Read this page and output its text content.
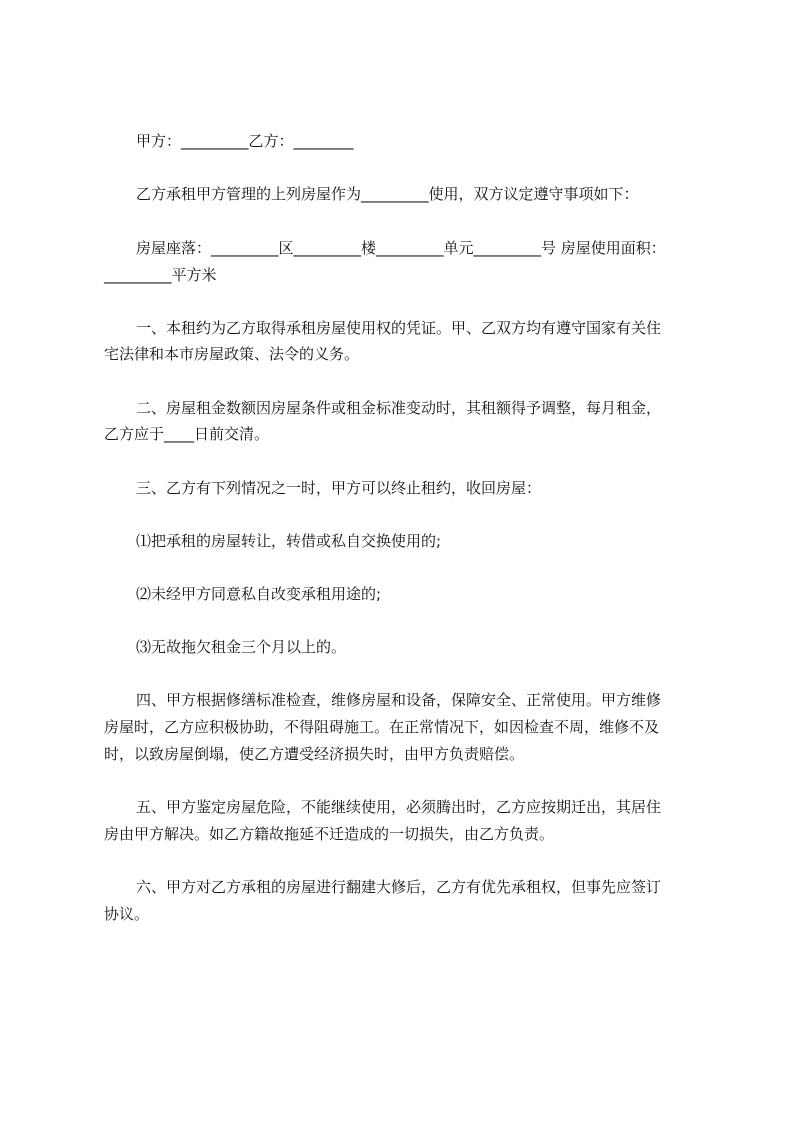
甲方：_________乙方：________
乙方承租甲方管理的上列房屋作为_________使用，双方议定遵守事项如下：
房屋座落：_________区_________楼_________单元_________号 房屋使用面积：
_________平方米
一、本租约为乙方取得承租房屋使用权的凭证。甲、乙双方均有遵守国家有关住
宅法律和本市房屋政策、法令的义务。
二、房屋租金数额因房屋条件或租金标准变动时，其租额得予调整，每月租金，
乙方应于____日前交清。
三、乙方有下列情况之一时，甲方可以终止租约，收回房屋：
⑴把承租的房屋转让，转借或私自交换使用的;
⑵未经甲方同意私自改变承租用途的;
⑶无故拖欠租金三个月以上的。
四、甲方根据修缮标准检查，维修房屋和设备，保障安全、正常使用。甲方维修
房屋时，乙方应积极协助，不得阻碍施工。在正常情况下，如因检查不周，维修不及
时，以致房屋倒塌，使乙方遭受经济损失时，由甲方负责赔偿。
五、甲方鉴定房屋危险，不能继续使用，必须腾出时，乙方应按期迁出，其居住
房由甲方解决。如乙方籍故拖延不迁造成的一切损失，由乙方负责。
六、甲方对乙方承租的房屋进行翻建大修后，乙方有优先承租权，但事先应签订
协议。
